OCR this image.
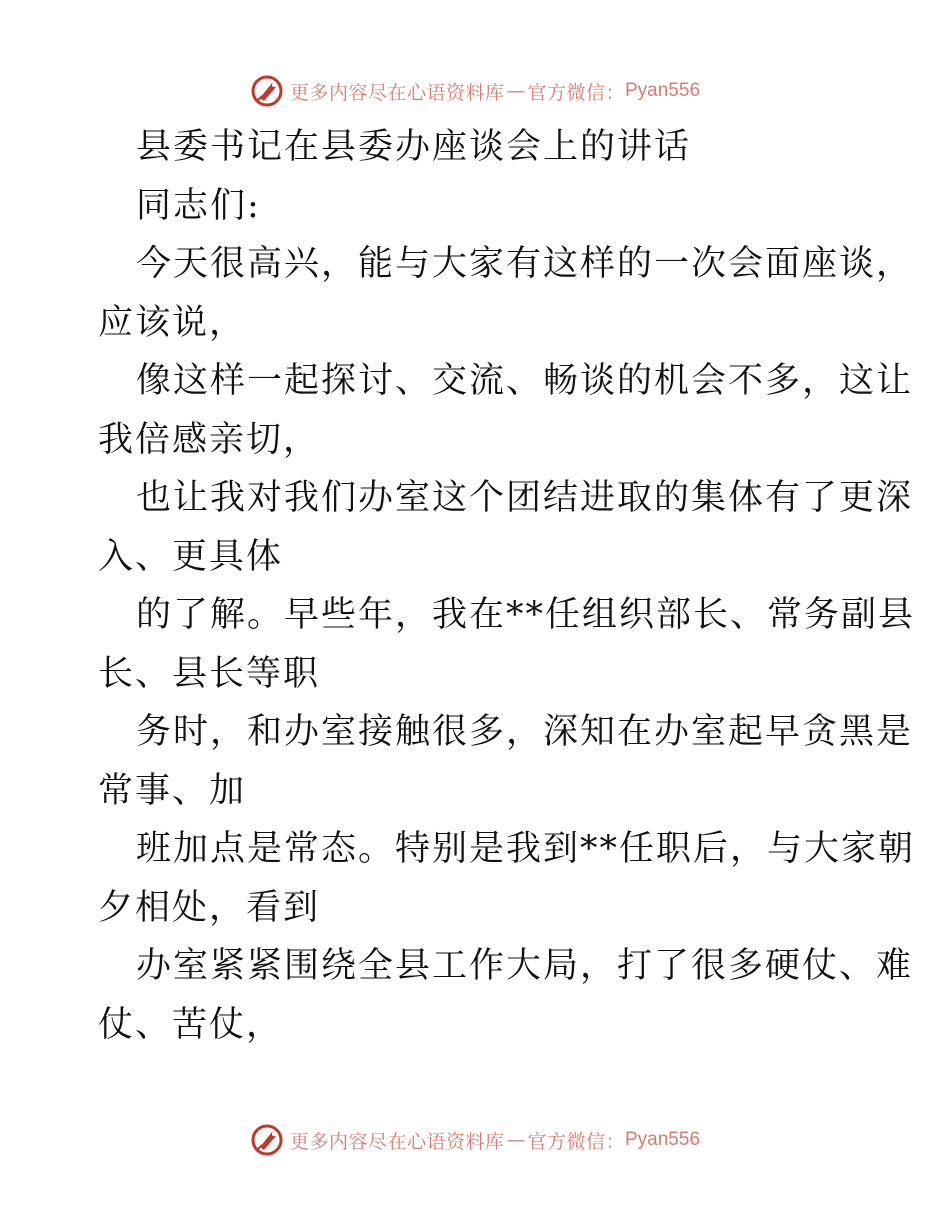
更多内容尽在心语资料库 — 官方微信： Pyan556
县委书记在县委办座谈会上的讲话
同志们:
今天很高兴，能与大家有这样的一次会面座谈，
应该说，
像这样一起探讨、交流、畅谈的机会不多，这让
我倍感亲切，
也让我对我们办室这个团结进取的集体有了更深
入、更具体
的了解。早些年，我在**任组织部长、常务副县
长、县长等职
务时，和办室接触很多，深知在办室起早贪黑是
常事、加
班加点是常态。特别是我到**任职后，与大家朝
夕相处，看到
办室紧紧围绕全县工作大局，打了很多硬仗、难
仗、苦仗，
更多内容尽在心语资料库 — 官方微信： Pyan556
